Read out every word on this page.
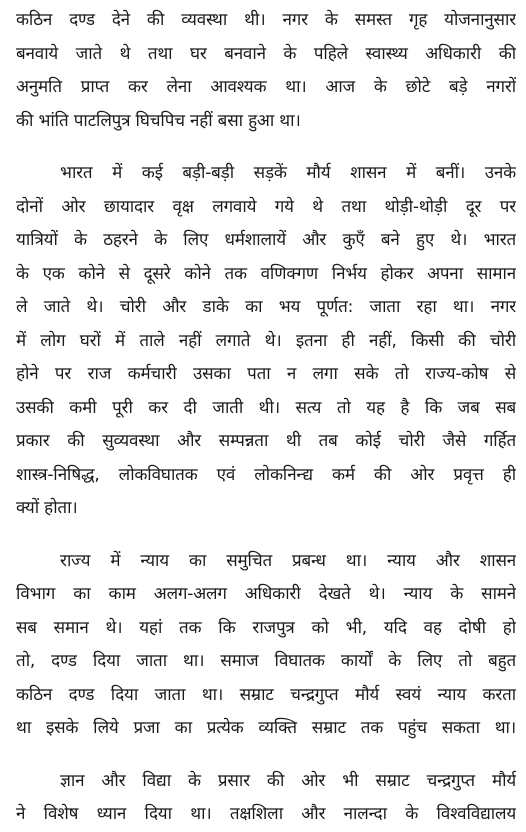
कठिन दण्ड देने की व्यवस्था थी। नगर के समस्त गृह योजनानुसार
बनवाये जाते थे तथा घर बनवाने के पहिले स्वास्थ्य अधिकारी की
अनुमति प्राप्त कर लेना आवश्यक था। आज के छोटे बड़े नगरों
की भांति पाटलिपुत्र घिचपिच नहीं बसा हुआ था।
भारत में कई बड़ी-बड़ी सड़कें मौर्य शासन में बनीं। उनके
दोनों ओर छायादार वृक्ष लगवाये गये थे तथा थोड़ी-थोड़ी दूर पर
यात्रियों के ठहरने के लिए धर्मशालायें और कुएँ बने हुए थे। भारत
के एक कोने से दूसरे कोने तक वणिक्गण निर्भय होकर अपना सामान
ले जाते थे। चोरी और डाके का भय पूर्णत: जाता रहा था। नगर
में लोग घरों में ताले नहीं लगाते थे। इतना ही नहीं, किसी की चोरी
होने पर राज कर्मचारी उसका पता न लगा सके तो राज्य-कोष से
उसकी कमी पूरी कर दी जाती थी। सत्य तो यह है कि जब सब
प्रकार की सुव्यवस्था और सम्पन्नता थी तब कोई चोरी जैसे गर्हित
शास्त्र-निषिद्ध, लोकविघातक एवं लोकनिन्द्य कर्म की ओर प्रवृत्त ही
क्यों होता।
राज्य में न्याय का समुचित प्रबन्ध था। न्याय और शासन
विभाग का काम अलग-अलग अधिकारी देखते थे। न्याय के सामने
सब समान थे। यहां तक कि राजपुत्र को भी, यदि वह दोषी हो
तो, दण्ड दिया जाता था। समाज विघातक कार्यों के लिए तो बहुत
कठिन दण्ड दिया जाता था। सम्राट चन्द्रगुप्त मौर्य स्वयं न्याय करता
था इसके लिये प्रजा का प्रत्येक व्यक्ति सम्राट तक पहुंच सकता था।
ज्ञान और विद्या के प्रसार की ओर भी सम्राट चन्द्रगुप्त मौर्य
ने विशेष ध्यान दिया था। तक्षशिला और नालन्दा के विश्वविद्यालय
